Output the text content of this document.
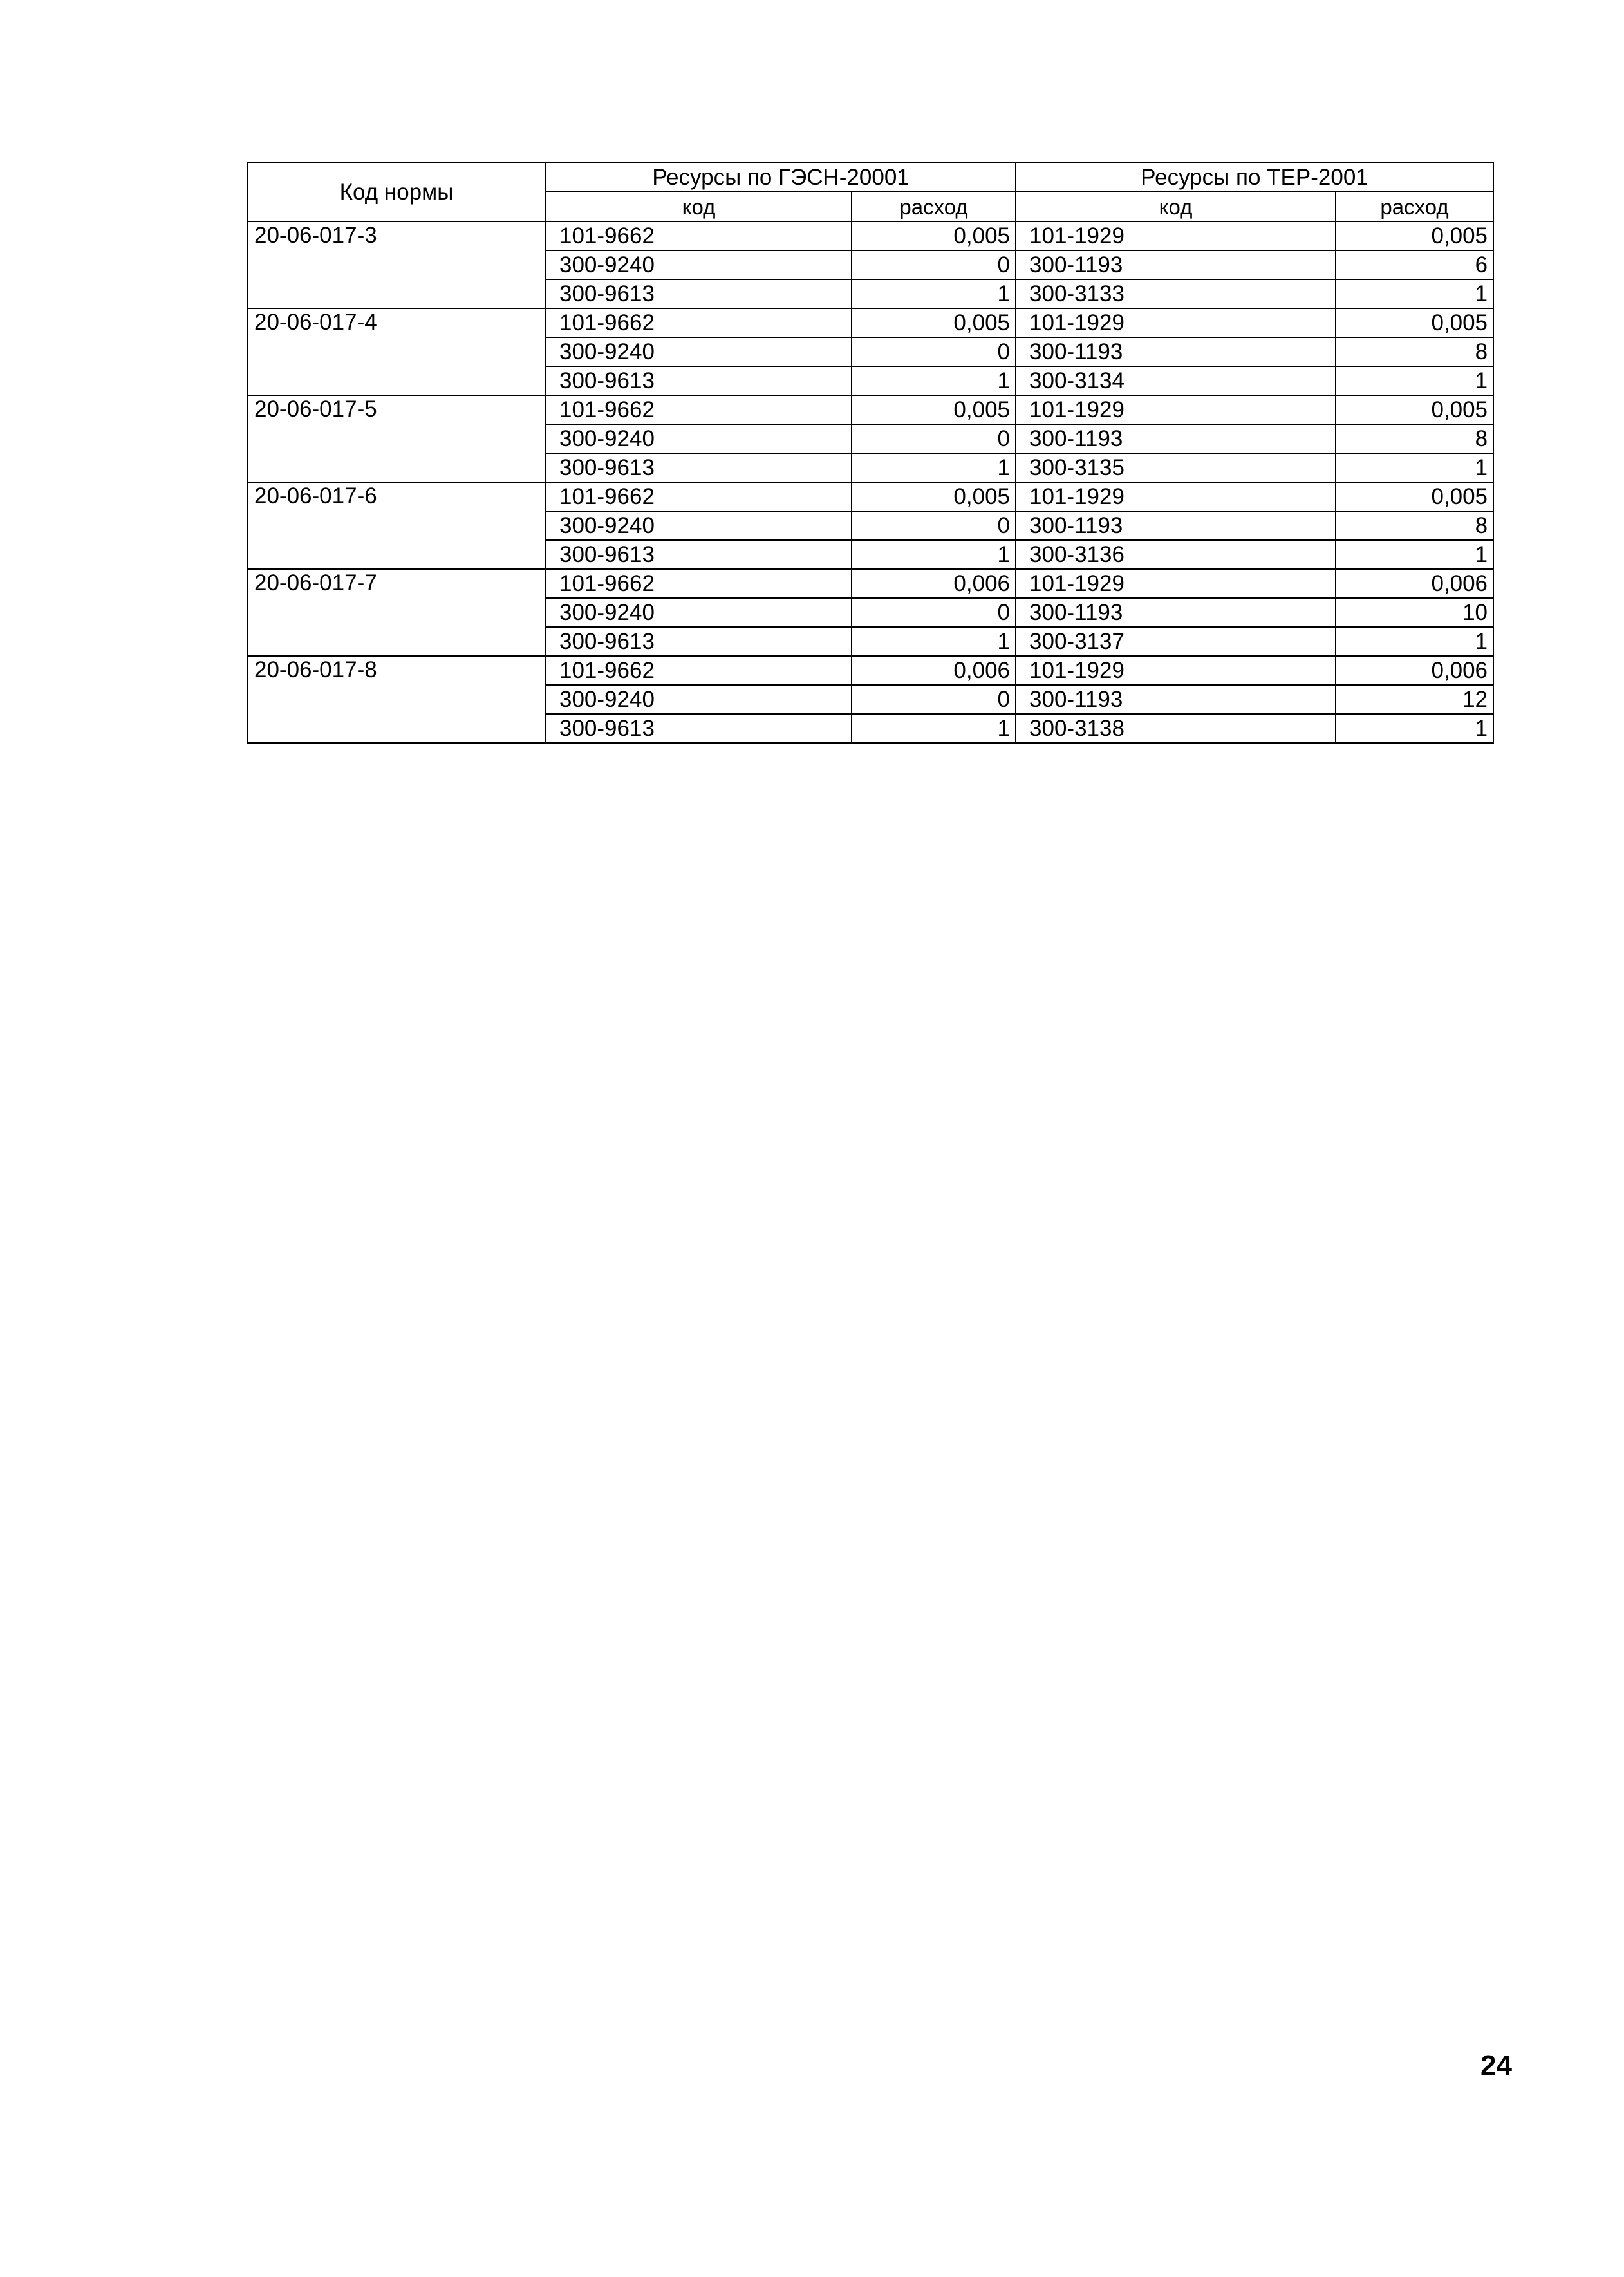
Код нормы	Ресурсы по ГЭСН-20001		Ресурсы по ТЕР-2001	
	код	расход	код	расход
20-06-017-3	101-9662	0,005	101-1929	0,005
	300-9240	0	300-1193	6
	300-9613	1	300-3133	1
20-06-017-4	101-9662	0,005	101-1929	0,005
	300-9240	0	300-1193	8
	300-9613	1	300-3134	1
20-06-017-5	101-9662	0,005	101-1929	0,005
	300-9240	0	300-1193	8
	300-9613	1	300-3135	1
20-06-017-6	101-9662	0,005	101-1929	0,005
	300-9240	0	300-1193	8
	300-9613	1	300-3136	1
20-06-017-7	101-9662	0,006	101-1929	0,006
	300-9240	0	300-1193	10
	300-9613	1	300-3137	1
20-06-017-8	101-9662	0,006	101-1929	0,006
	300-9240	0	300-1193	12
	300-9613	1	300-3138	1
24
